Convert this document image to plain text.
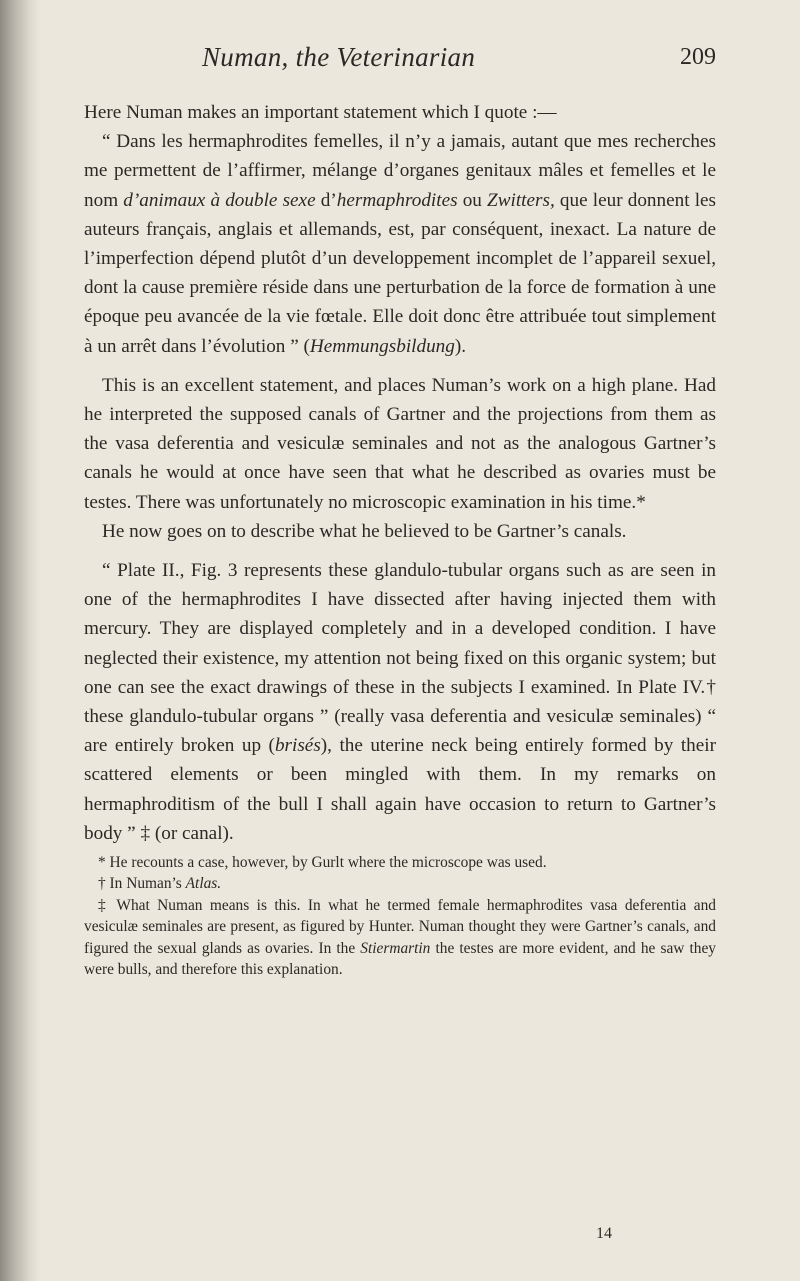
Numan, the Veterinarian	209

Here Numan makes an important statement which I quote :—

“ Dans les hermaphrodites femelles, il n’y a jamais, autant que mes recherches me permettent de l’affirmer, mélange d’organes genitaux mâles et femelles et le nom d’animaux à double sexe d’hermaphrodites ou Zwitters, que leur donnent les auteurs français, anglais et allemands, est, par conséquent, inexact. La nature de l’imperfection dépend plutôt d’un developpement incomplet de l’appareil sexuel, dont la cause première réside dans une perturbation de la force de formation à une époque peu avancée de la vie fœtale. Elle doit donc être attribuée tout simplement à un arrêt dans l’évolution ” (Hemmungsbildung).

This is an excellent statement, and places Numan’s work on a high plane. Had he interpreted the supposed canals of Gartner and the projections from them as the vasa deferentia and vesiculæ seminales and not as the analogous Gartner’s canals he would at once have seen that what he described as ovaries must be testes. There was unfortunately no microscopic examination in his time.*

He now goes on to describe what he believed to be Gartner’s canals.

“ Plate II., Fig. 3 represents these glandulo-tubular organs such as are seen in one of the hermaphrodites I have dissected after having injected them with mercury. They are displayed completely and in a developed condition. I have neglected their existence, my attention not being fixed on this organic system; but one can see the exact drawings of these in the subjects I examined. In Plate IV.† these glandulo-tubular organs ” (really vasa deferentia and vesiculæ seminales) “ are entirely broken up (brisés), the uterine neck being entirely formed by their scattered elements or been mingled with them. In my remarks on hermaphroditism of the bull I shall again have occasion to return to Gartner’s body ” ‡ (or canal).

* He recounts a case, however, by Gurlt where the microscope was used.

† In Numan’s Atlas.

‡ What Numan means is this. In what he termed female hermaphrodites vasa deferentia and vesiculæ seminales are present, as figured by Hunter. Numan thought they were Gartner’s canals, and figured the sexual glands as ovaries. In the Stiermartin the testes are more evident, and he saw they were bulls, and therefore this explanation.

14
